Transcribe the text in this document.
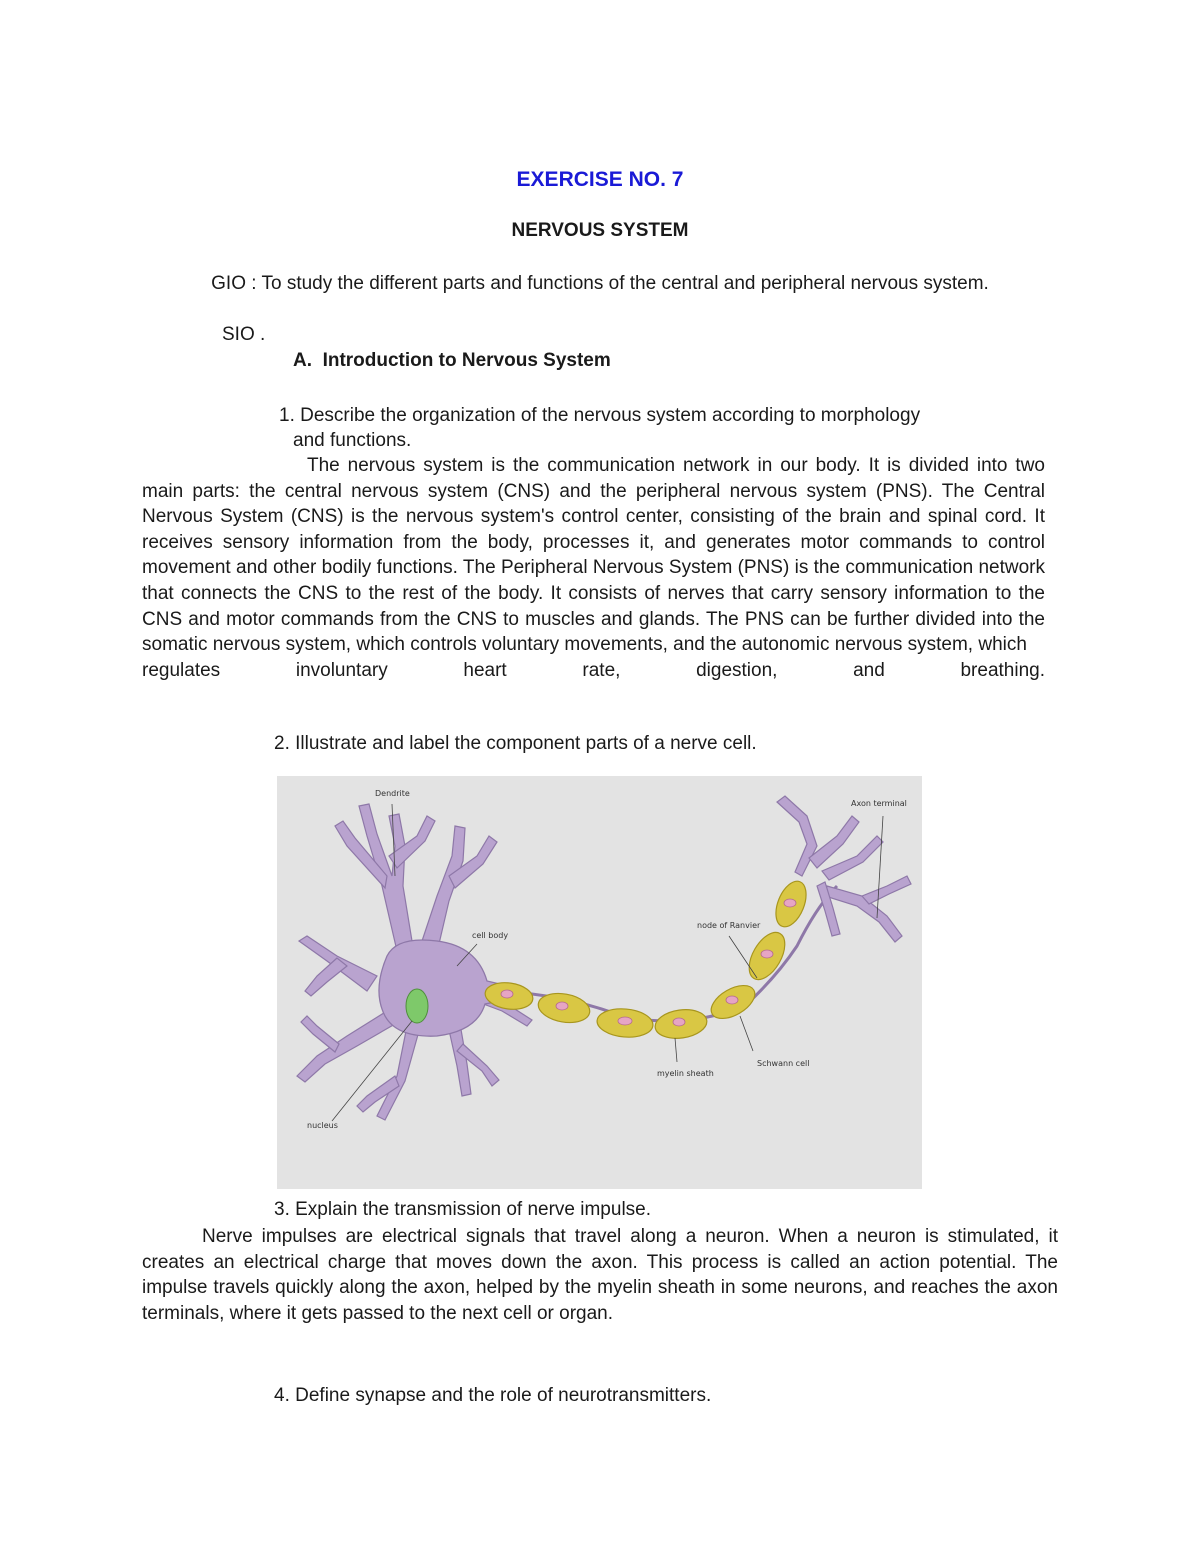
EXERCISE NO. 7
NERVOUS SYSTEM
GIO : To study the different parts and functions of the central and peripheral nervous system.
SIO .
A. Introduction to Nervous System
1. Describe the organization of the nervous system according to morphology
and functions.
The nervous system is the communication network in our body. It is divided into two main parts: the central nervous system (CNS) and the peripheral nervous system (PNS). The Central Nervous System (CNS) is the nervous system's control center, consisting of the brain and spinal cord. It receives sensory information from the body, processes it, and generates motor commands to control movement and other bodily functions. The Peripheral Nervous System (PNS) is the communication network that connects the CNS to the rest of the body. It consists of nerves that carry sensory information to the CNS and motor commands from the CNS to muscles and glands. The PNS can be further divided into the somatic nervous system, which controls voluntary movements, and the autonomic nervous system, which
regulates	involuntary	heart	rate,	digestion,	and	breathing.
2. Illustrate and label the component parts of a nerve cell.
Dendrite
cell body
nucleus
myelin sheath
Schwann cell
node of Ranvier
Axon terminal
3. Explain the transmission of nerve impulse.
Nerve impulses are electrical signals that travel along a neuron. When a neuron is stimulated, it creates an electrical charge that moves down the axon. This process is called an action potential. The impulse travels quickly along the axon, helped by the myelin sheath in some neurons, and reaches the axon terminals, where it gets passed to the next cell or organ.
4. Define synapse and the role of neurotransmitters.
